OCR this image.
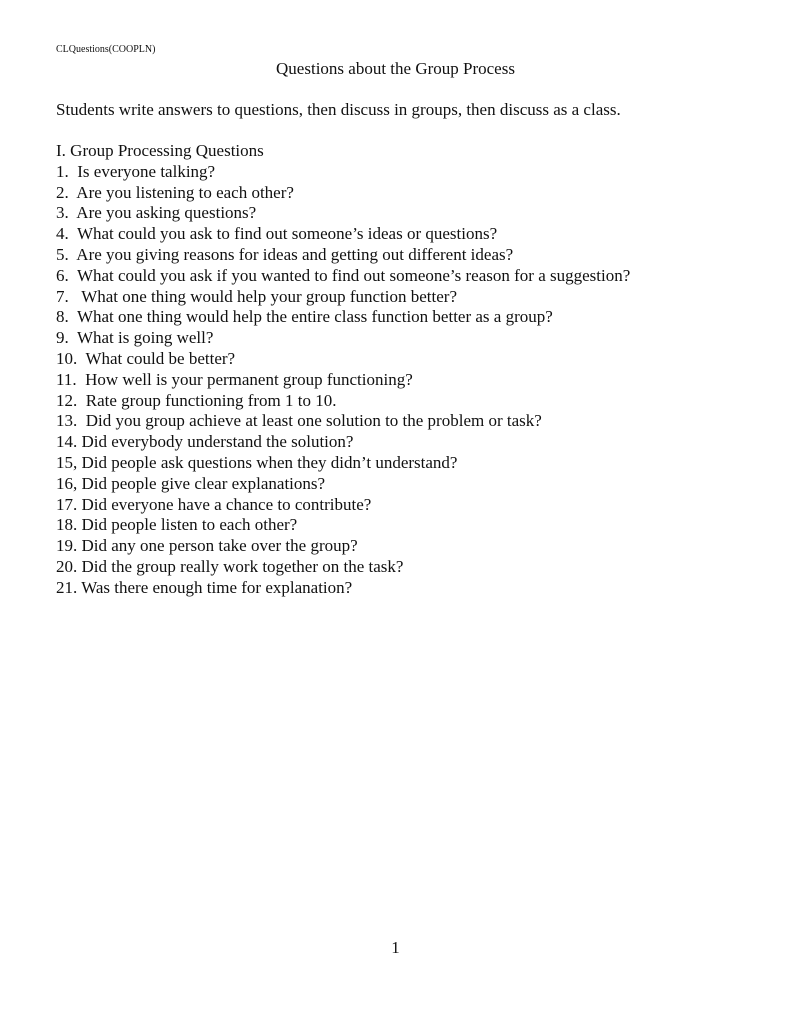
CLQuestions(COOPLN)
Questions about the Group Process
Students write answers to questions, then discuss in groups, then discuss as a class.
I. Group Processing Questions
1.  Is everyone talking?
2.  Are you listening to each other?
3.  Are you asking questions?
4.  What could you ask to find out someone’s ideas or questions?
5.  Are you giving reasons for ideas and getting out different ideas?
6.  What could you ask if you wanted to find out someone’s reason for a suggestion?
7.   What one thing would help your group function better?
8.  What one thing would help the entire class function better as a group?
9.  What is going well?
10.  What could be better?
11.  How well is your permanent group functioning?
12.  Rate group functioning from 1 to 10.
13.  Did you group achieve at least one solution to the problem or task?
14. Did everybody understand the solution?
15, Did people ask questions when they didn’t understand?
16, Did people give clear explanations?
17. Did everyone have a chance to contribute?
18. Did people listen to each other?
19. Did any one person take over the group?
20. Did the group really work together on the task?
21. Was there enough time for explanation?
1
